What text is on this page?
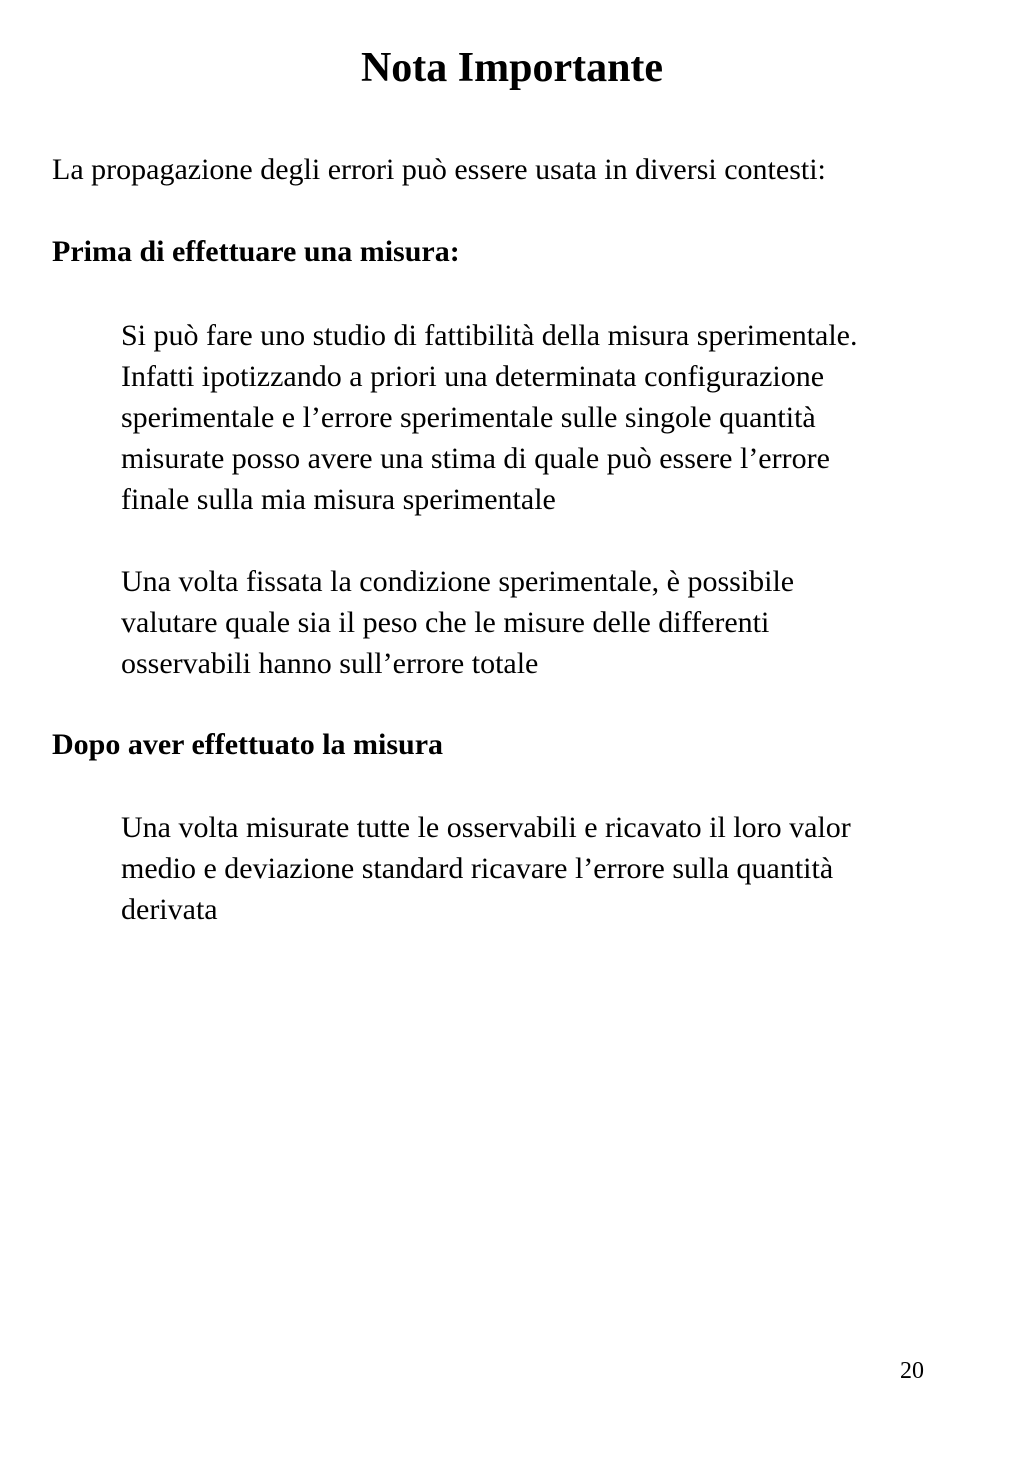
Nota Importante

La propagazione degli errori può essere usata in diversi contesti:

Prima di effettuare una misura:

Si può fare uno studio di fattibilità della misura sperimentale.
Infatti ipotizzando a priori una determinata configurazione
sperimentale e l’errore sperimentale sulle singole quantità
misurate posso avere una stima di quale può essere l’errore
finale sulla mia misura sperimentale

Una volta fissata la condizione sperimentale, è possibile
valutare quale sia il peso che le misure delle differenti
osservabili hanno sull’errore totale

Dopo aver effettuato la misura

Una volta misurate tutte le osservabili e ricavato il loro valor
medio e deviazione standard ricavare l’errore sulla quantità
derivata

20
